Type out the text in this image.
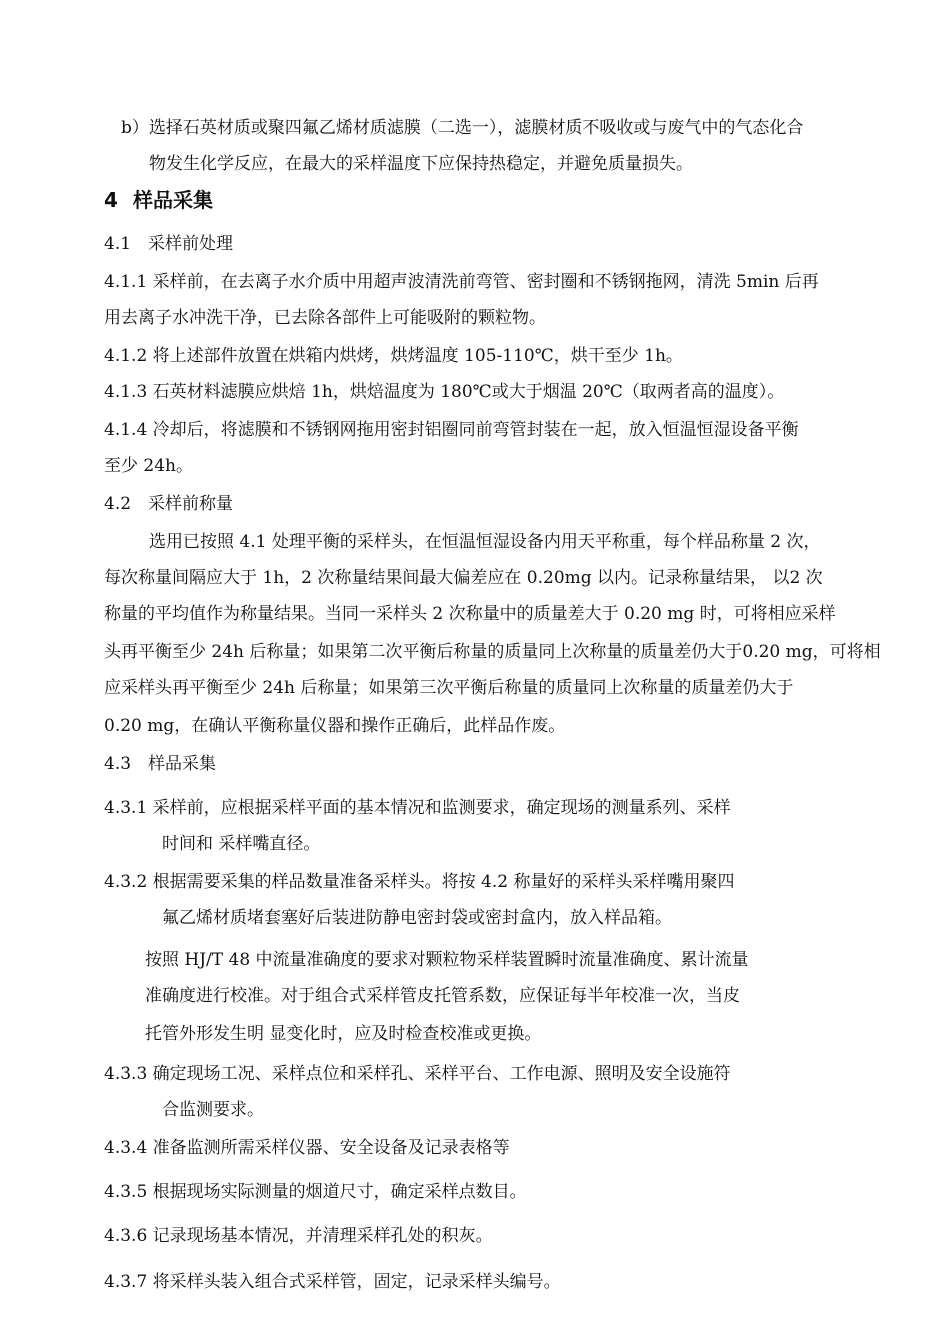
b）选择石英材质或聚四氟乙烯材质滤膜（二选一），滤膜材质不吸收或与废气中的气态化合
物发生化学反应，在最大的采样温度下应保持热稳定，并避免质量损失。
4 样品采集
4.1　采样前处理
4.1.1 采样前，在去离子水介质中用超声波清洗前弯管、密封圈和不锈钢拖网，清洗 5min 后再
用去离子水冲洗干净，已去除各部件上可能吸附的颗粒物。
4.1.2 将上述部件放置在烘箱内烘烤，烘烤温度 105-110℃，烘干至少 1h。
4.1.3 石英材料滤膜应烘焙 1h，烘焙温度为 180℃或大于烟温 20℃（取两者高的温度）。
4.1.4 冷却后，将滤膜和不锈钢网拖用密封铝圈同前弯管封装在一起，放入恒温恒湿设备平衡
至少 24h。
4.2　采样前称量
选用已按照 4.1 处理平衡的采样头，在恒温恒湿设备内用天平称重，每个样品称量 2 次，
每次称量间隔应大于 1h，2 次称量结果间最大偏差应在 0.20mg 以内。记录称量结果， 以2 次
称量的平均值作为称量结果。当同一采样头 2 次称量中的质量差大于 0.20 mg 时，可将相应采样
头再平衡至少 24h 后称量；如果第二次平衡后称量的质量同上次称量的质量差仍大于0.20 mg，可将相
应采样头再平衡至少 24h 后称量；如果第三次平衡后称量的质量同上次称量的质量差仍大于
0.20 mg，在确认平衡称量仪器和操作正确后，此样品作废。
4.3　样品采集
4.3.1 采样前，应根据采样平面的基本情况和监测要求，确定现场的测量系列、采样
时间和 采样嘴直径。
4.3.2 根据需要采集的样品数量准备采样头。将按 4.2 称量好的采样头采样嘴用聚四
氟乙烯材质堵套塞好后装进防静电密封袋或密封盒内，放入样品箱。
按照 HJ/T 48 中流量准确度的要求对颗粒物采样装置瞬时流量准确度、累计流量
准确度进行校准。对于组合式采样管皮托管系数，应保证每半年校准一次，当皮
托管外形发生明 显变化时，应及时检查校准或更换。
4.3.3 确定现场工况、采样点位和采样孔、采样平台、工作电源、照明及安全设施符
合监测要求。
4.3.4 准备监测所需采样仪器、安全设备及记录表格等
4.3.5 根据现场实际测量的烟道尺寸，确定采样点数目。
4.3.6 记录现场基本情况，并清理采样孔处的积灰。
4.3.7 将采样头装入组合式采样管，固定，记录采样头编号。
